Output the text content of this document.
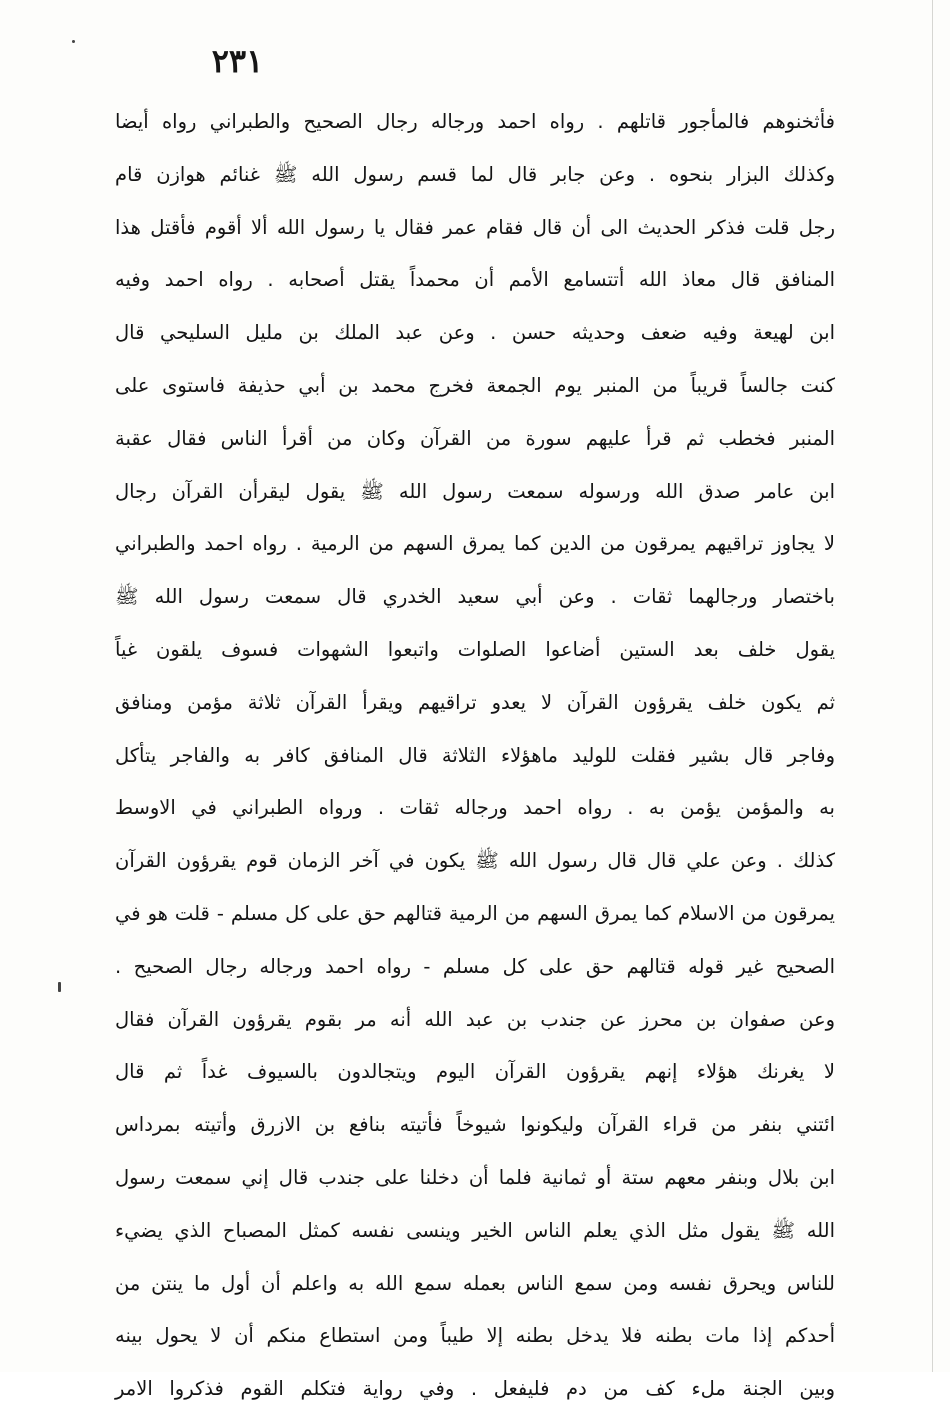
٢٣١
فأثخنوهم فالمأجور قاتلهم . رواه احمد ورجاله رجال الصحيح والطبراني رواه أيضا
وكذلك البزار بنحوه . وعن جابر قال لما قسم رسول الله ﷺ غنائم هوازن قام
رجل قلت فذكر الحديث الى أن قال فقام عمر فقال يا رسول الله ألا أقوم فأقتل هذا
المنافق قال معاذ الله أتتسامع الأمم أن محمداً يقتل أصحابه . رواه احمد وفيه
ابن لهيعة وفيه ضعف وحديثه حسن . وعن عبد الملك بن مليل السليحي قال
كنت جالساً قريباً من المنبر يوم الجمعة فخرج محمد بن أبي حذيفة فاستوى على
المنبر فخطب ثم قرأ عليهم سورة من القرآن وكان من أقرأ الناس فقال عقبة
ابن عامر صدق الله ورسوله سمعت رسول الله ﷺ يقول ليقرأن القرآن رجال
لا يجاوز تراقيهم يمرقون من الدين كما يمرق السهم من الرمية . رواه احمد والطبراني
باختصار ورجالهما ثقات . وعن أبي سعيد الخدري قال سمعت رسول الله ﷺ
يقول خلف بعد الستين أضاعوا الصلوات واتبعوا الشهوات فسوف يلقون غياً
ثم يكون خلف يقرؤون القرآن لا يعدو تراقيهم ويقرأ القرآن ثلاثة مؤمن ومنافق
وفاجر قال بشير فقلت للوليد ماهؤلاء الثلاثة قال المنافق كافر به والفاجر يتأكل
به والمؤمن يؤمن به . رواه احمد ورجاله ثقات . ورواه الطبراني في الاوسط
كذلك . وعن علي قال قال رسول الله ﷺ يكون في آخر الزمان قوم يقرؤون القرآن
يمرقون من الاسلام كما يمرق السهم من الرمية قتالهم حق على كل مسلم - قلت هو في
الصحيح غير قوله قتالهم حق على كل مسلم - رواه احمد ورجاله رجال الصحيح .
وعن صفوان بن محرز عن جندب بن عبد الله أنه مر بقوم يقرؤون القرآن فقال
لا يغرنك هؤلاء إنهم يقرؤون القرآن اليوم ويتجالدون بالسيوف غداً ثم قال
ائتني بنفر من قراء القرآن وليكونوا شيوخاً فأتيته بنافع بن الازرق وأتيته بمرداس
ابن بلال وبنفر معهم ستة أو ثمانية فلما أن دخلنا على جندب قال إني سمعت رسول
الله ﷺ يقول مثل الذي يعلم الناس الخير وينسى نفسه كمثل المصباح الذي يضيء
للناس ويحرق نفسه ومن سمع الناس بعمله سمع الله به واعلم أن أول ما ينتن من
أحدكم إذا مات بطنه فلا يدخل بطنه إلا طيباً ومن استطاع منكم أن لا يحول بينه
وبين الجنة ملء كف من دم فليفعل . وفي رواية فتكلم القوم فذكروا الامر
